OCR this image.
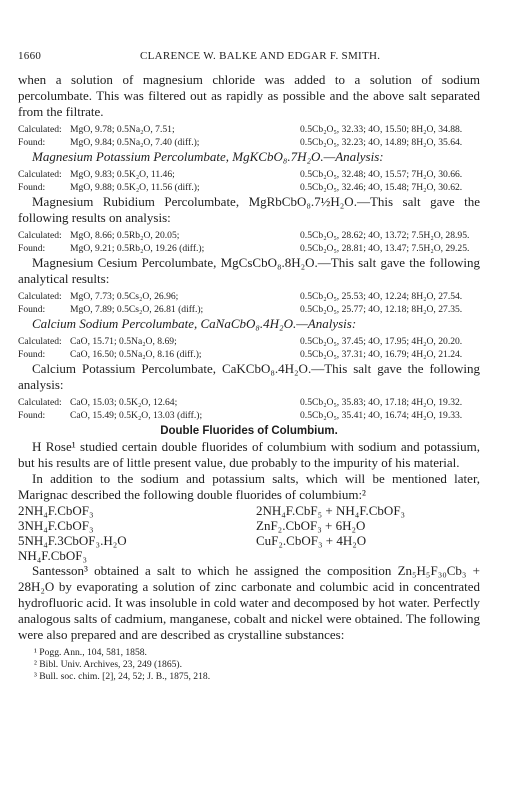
1660	CLARENCE W. BALKE AND EDGAR F. SMITH.

when a solution of magnesium chloride was added to a solution of sodium percolumbate. This was filtered out as rapidly as possible and the above salt separated from the filtrate.

Calculated: MgO, 9.78; 0.5Na₂O, 7.51;	0.5Cb₂O₅, 32.33; 4O, 15.50; 8H₂O, 34.88.
Found:	MgO, 9.84; 0.5Na₂O, 7.40 (diff.);	0.5Cb₂O₅, 32.23; 4O, 14.89; 8H₂O, 35.64.

Magnesium Potassium Percolumbate, MgKCbO₈.7H₂O.—Analysis:

Calculated: MgO, 9.83; 0.5K₂O, 11.46;	0.5Cb₂O₅, 32.48; 4O, 15.57; 7H₂O, 30.66.
Found:	MgO, 9.88; 0.5K₂O, 11.56 (diff.);	0.5Cb₂O₅, 32.46; 4O, 15.48; 7H₂O, 30.62.

Magnesium Rubidium Percolumbate, MgRbCbO₈.7½H₂O.—This salt gave the following results on analysis:

Calculated: MgO, 8.66; 0.5Rb₂O, 20.05;	0.5Cb₂O₅, 28.62; 4O, 13.72; 7.5H₂O, 28.95.
Found:	MgO, 9.21; 0.5Rb₂O, 19.26 (diff.);	0.5Cb₂O₅, 28.81; 4O, 13.47; 7.5H₂O, 29.25.

Magnesium Cesium Percolumbate, MgCsCbO₈.8H₂O.—This salt gave the following analytical results:

Calculated: MgO, 7.73; 0.5Cs₂O, 26.96;	0.5Cb₂O₅, 25.53; 4O, 12.24; 8H₂O, 27.54.
Found:	MgO, 7.89; 0.5Cs₂O, 26.81 (diff.);	0.5Cb₂O₅, 25.77; 4O, 12.18; 8H₂O, 27.35.

Calcium Sodium Percolumbate, CaNaCbO₈.4H₂O.—Analysis:

Calculated: CaO, 15.71; 0.5Na₂O, 8.69;	0.5Cb₂O₅, 37.45; 4O, 17.95; 4H₂O, 20.20.
Found:	CaO, 16.50; 0.5Na₂O, 8.16 (diff.);	0.5Cb₂O₅, 37.31; 4O, 16.79; 4H₂O, 21.24.

Calcium Potassium Percolumbate, CaKCbO₈.4H₂O.—This salt gave the following analysis:

Calculated: CaO, 15.03; 0.5K₂O, 12.64;	0.5Cb₂O₅, 35.83; 4O, 17.18; 4H₂O, 19.32.
Found:	CaO, 15.49; 0.5K₂O, 13.03 (diff.);	0.5Cb₂O₅, 35.41; 4O, 16.74; 4H₂O, 19.33.
Double Fluorides of Columbium.

H Rose¹ studied certain double fluorides of columbium with sodium and potassium, but his results are of little present value, due probably to the impurity of his material.

In addition to the sodium and potassium salts, which will be mentioned later, Marignac described the following double fluorides of columbium:²

2NH₄F.CbOF₃	2NH₄F.CbF₅ + NH₄F.CbOF₃
3NH₄F.CbOF₃	ZnF₂.CbOF₃ + 6H₂O
5NH₄F.3CbOF₃.H₂O	CuF₂.CbOF₃ + 4H₂O
NH₄F.CbOF₃

Santesson³ obtained a salt to which he assigned the composition Zn₅H₅F₃₀Cb₃ + 28H₂O by evaporating a solution of zinc carbonate and columbic acid in concentrated hydrofluoric acid. It was insoluble in cold water and decomposed by hot water. Perfectly analogous salts of cadmium, manganese, cobalt and nickel were obtained. The following were also prepared and are described as crystalline substances:

¹ Pogg. Ann., 104, 581, 1858.
² Bibl. Univ. Archives, 23, 249 (1865).
³ Bull. soc. chim. [2], 24, 52; J. B., 1875, 218.
